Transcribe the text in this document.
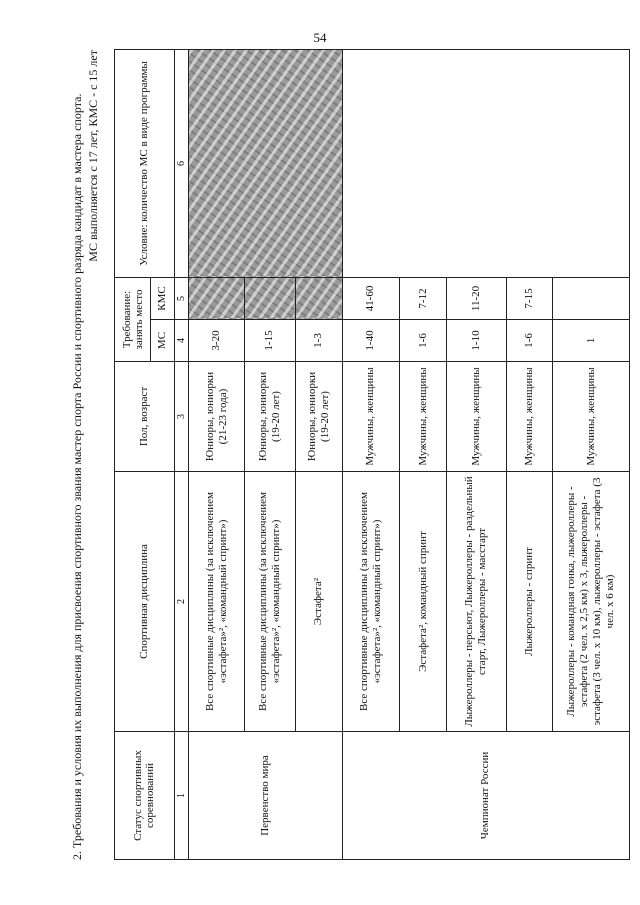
54
2. Требования и условия их выполнения для присвоения спортивного звания мастер спорта России и спортивного разряда кандидат в мастера спорта. МС выполняется с 17 лет, КМС - с 15 лет
Статус спортивных соревнований	Спортивная дисциплина	Пол, возраст	Требование: занять место		Условие: количество МС в виде программы
			МС	КМС	
1	2	3	4	5	6
Первенство мира	Все спортивные дисциплины (за исключением «эстафета»², «командный спринт»)	Юниоры, юниорки (21-23 года)	3-20		
	Все спортивные дисциплины (за исключением «эстафета»², «командный спринт»)	Юниоры, юниорки (19-20 лет)	1-15		
	Эстафета²	Юниоры, юниорки (19-20 лет)	1-3		
Чемпионат России	Все спортивные дисциплины (за исключением «эстафета»², «командный спринт»)	Мужчины, женщины	1-40	41-60	
	Эстафета², командный спринт	Мужчины, женщины	1-6	7-12	
	Лыжероллеры - персьют, Лыжероллеры - раздельный старт, Лыжероллеры - масстарт	Мужчины, женщины	1-10	11-20	
	Лыжероллеры - спринт	Мужчины, женщины	1-6	7-15	
	Лыжероллеры - командная гонка, лыжероллеры - эстафета (2 чел. х 2,5 км) х 3, лыжероллеры - эстафета (3 чел. х 10 км), лыжероллеры - эстафета (3 чел. х 6 км)	Мужчины, женщины	1		
